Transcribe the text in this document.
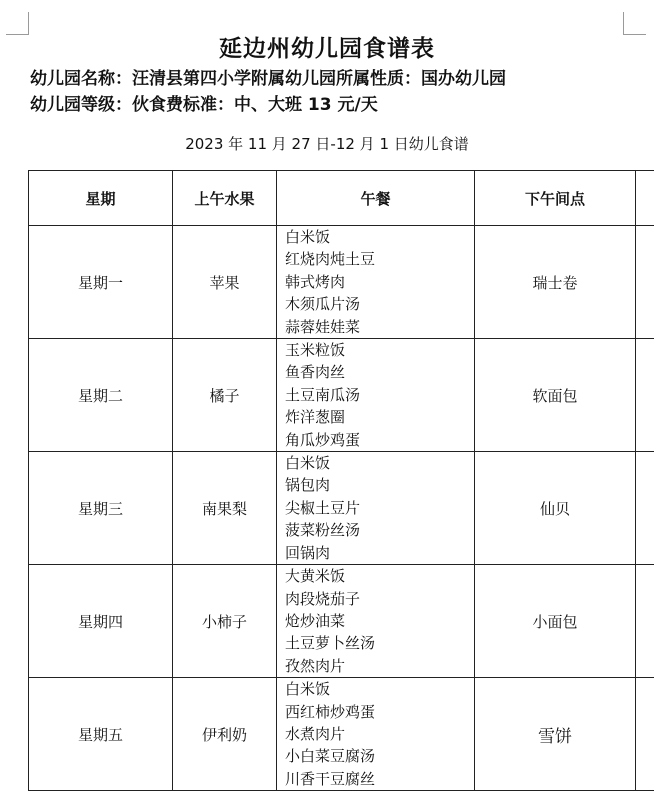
延边州幼儿园食谱表
幼儿园名称：汪清县第四小学附属幼儿园所属性质：国办幼儿园
幼儿园等级：伙食费标准：中、大班 13 元/天
2023 年 11 月 27 日-12 月 1 日幼儿食谱
星期	上午水果	午餐	下午间点	
星期一	苹果	白米饭
红烧肉炖土豆
韩式烤肉
木须瓜片汤
蒜蓉娃娃菜	瑞士卷	
星期二	橘子	玉米粒饭
鱼香肉丝
土豆南瓜汤
炸洋葱圈
角瓜炒鸡蛋	软面包	
星期三	南果梨	白米饭
锅包肉
尖椒土豆片
菠菜粉丝汤
回锅肉	仙贝	
星期四	小柿子	大黄米饭
肉段烧茄子
炝炒油菜
土豆萝卜丝汤
孜然肉片	小面包	
星期五	伊利奶	白米饭
西红柿炒鸡蛋
水煮肉片
小白菜豆腐汤
川香干豆腐丝	雪饼	
